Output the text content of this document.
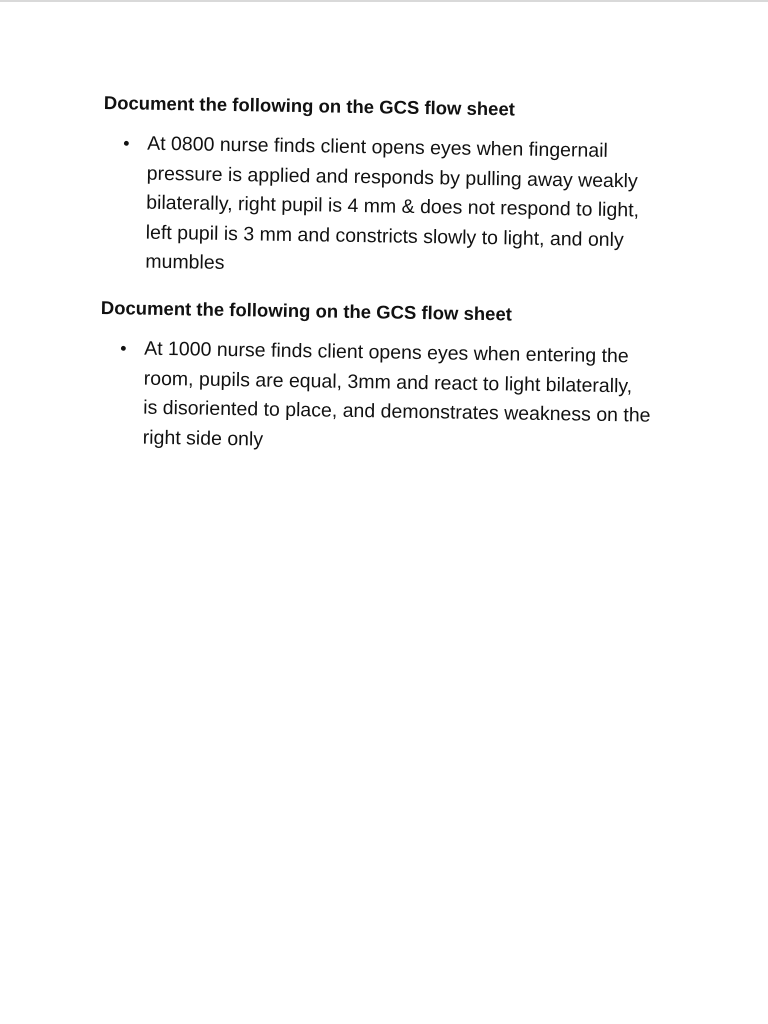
Document the following on the GCS flow sheet
• At 0800 nurse finds client opens eyes when fingernail
pressure is applied and responds by pulling away weakly
bilaterally, right pupil is 4 mm & does not respond to light,
left pupil is 3 mm and constricts slowly to light, and only
mumbles

Document the following on the GCS flow sheet
• At 1000 nurse finds client opens eyes when entering the
room, pupils are equal, 3mm and react to light bilaterally,
is disoriented to place, and demonstrates weakness on the
right side only
